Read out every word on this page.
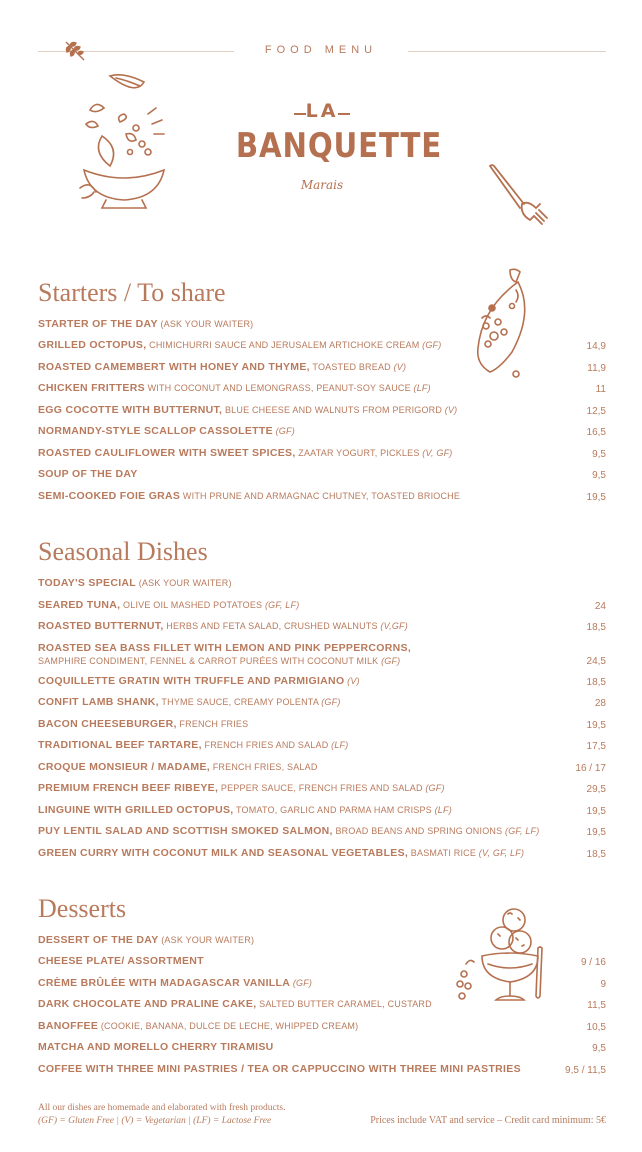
FOOD MENU
LA
BANQUETTE
Marais
Starters / To share
STARTER OF THE DAY (ASK YOUR WAITER)
GRILLED OCTOPUS, CHIMICHURRI SAUCE AND JERUSALEM ARTICHOKE CREAM (GF)	14,9
ROASTED CAMEMBERT WITH HONEY AND THYME, TOASTED BREAD (V)	11,9
CHICKEN FRITTERS WITH COCONUT AND LEMONGRASS, PEANUT-SOY SAUCE (LF)	11
EGG COCOTTE WITH BUTTERNUT, BLUE CHEESE AND WALNUTS FROM PERIGORD (V)	12,5
NORMANDY-STYLE SCALLOP CASSOLETTE (GF)	16,5
ROASTED CAULIFLOWER WITH SWEET SPICES, ZAATAR YOGURT, PICKLES (V, GF)	9,5
SOUP OF THE DAY	9,5
SEMI-COOKED FOIE GRAS WITH PRUNE AND ARMAGNAC CHUTNEY, TOASTED BRIOCHE	19,5
Seasonal Dishes
TODAY'S SPECIAL (ASK YOUR WAITER)
SEARED TUNA, OLIVE OIL MASHED POTATOES (GF, LF)	24
ROASTED BUTTERNUT, HERBS AND FETA SALAD, CRUSHED WALNUTS (V,GF)	18,5
ROASTED SEA BASS FILLET WITH LEMON AND PINK PEPPERCORNS,
SAMPHIRE CONDIMENT, FENNEL & CARROT PURÉES WITH COCONUT MILK (GF)	24,5
COQUILLETTE GRATIN WITH TRUFFLE AND PARMIGIANO (V)	18,5
CONFIT LAMB SHANK, THYME SAUCE, CREAMY POLENTA (GF)	28
BACON CHEESEBURGER, FRENCH FRIES	19,5
TRADITIONAL BEEF TARTARE, FRENCH FRIES AND SALAD (LF)	17,5
CROQUE MONSIEUR / MADAME, FRENCH FRIES, SALAD	16 / 17
PREMIUM FRENCH BEEF RIBEYE, PEPPER SAUCE, FRENCH FRIES AND SALAD (GF)	29,5
LINGUINE WITH GRILLED OCTOPUS, TOMATO, GARLIC AND PARMA HAM CRISPS (LF)	19,5
PUY LENTIL SALAD AND SCOTTISH SMOKED SALMON, BROAD BEANS AND SPRING ONIONS (GF, LF)	19,5
GREEN CURRY WITH COCONUT MILK AND SEASONAL VEGETABLES, BASMATI RICE (V, GF, LF)	18,5
Desserts
DESSERT OF THE DAY (ASK YOUR WAITER)
CHEESE PLATE/ ASSORTMENT	9 / 16
CRÈME BRÛLÉE WITH MADAGASCAR VANILLA (GF)	9
DARK CHOCOLATE AND PRALINE CAKE, SALTED BUTTER CARAMEL, CUSTARD	11,5
BANOFFEE (COOKIE, BANANA, DULCE DE LECHE, WHIPPED CREAM)	10,5
MATCHA AND MORELLO CHERRY TIRAMISU	9,5
COFFEE WITH THREE MINI PASTRIES / TEA OR CAPPUCCINO WITH THREE MINI PASTRIES	9,5 / 11,5
All our dishes are homemade and elaborated with fresh products.
(GF) = Gluten Free | (V) = Vegetarian | (LF) = Lactose Free	Prices include VAT and service – Credit card minimum: 5€
